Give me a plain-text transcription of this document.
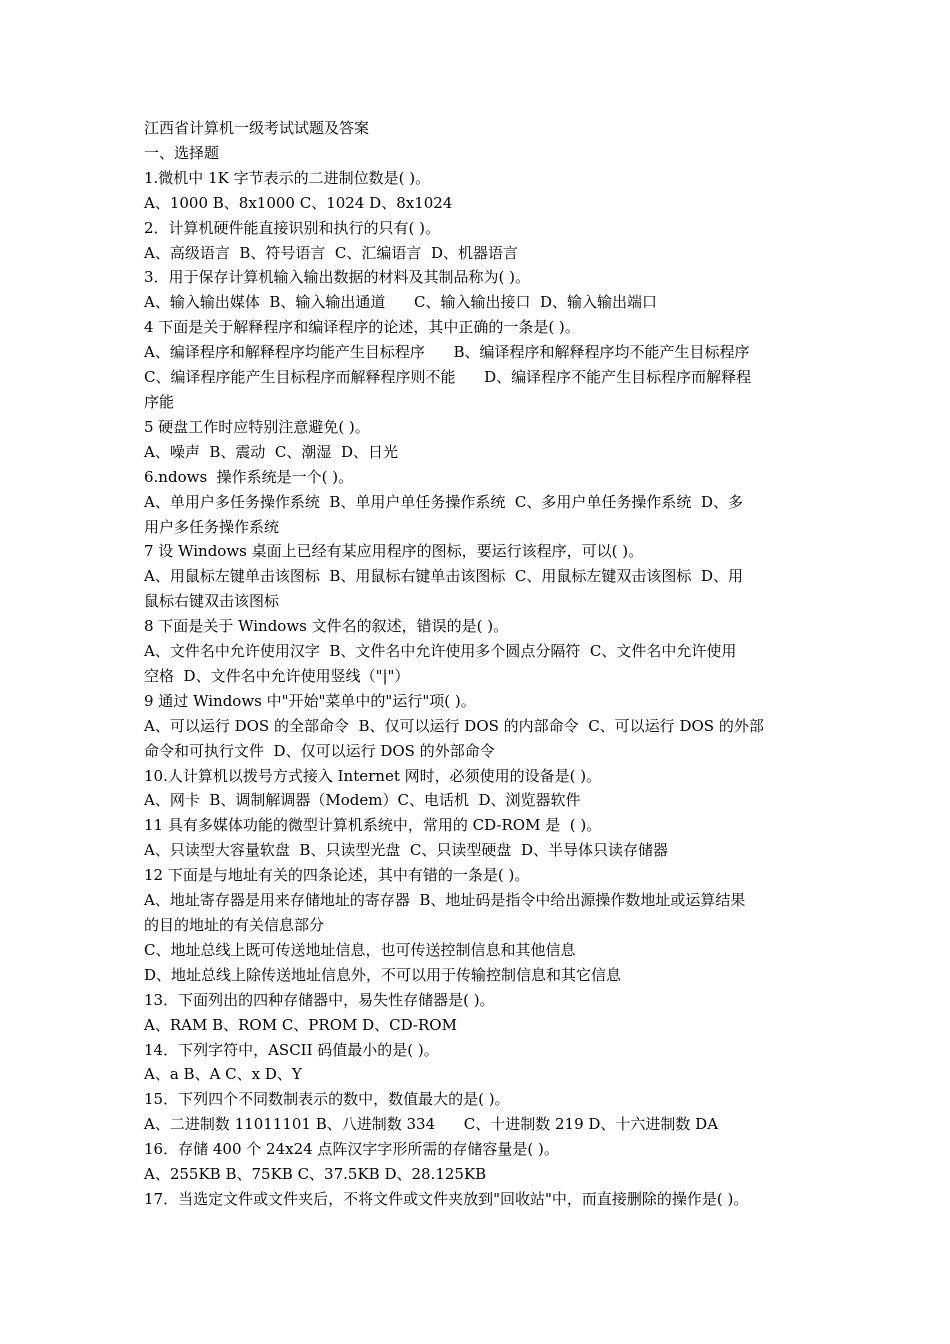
江西省计算机一级考试试题及答案

一、选择题

1.微机中 1K 字节表示的二进制位数是( )。

A、1000 B、8x1000 C、1024 D、8x1024

2．计算机硬件能直接识别和执行的只有( )。

A、高级语言  B、符号语言  C、汇编语言  D、机器语言

3．用于保存计算机输入输出数据的材料及其制品称为( )。

A、输入输出媒体  B、输入输出通道      C、输入输出接口  D、输入输出端口

4 下面是关于解释程序和编译程序的论述，其中正确的一条是( )。

A、编译程序和解释程序均能产生目标程序      B、编译程序和解释程序均不能产生目标程序

C、编译程序能产生目标程序而解释程序则不能      D、编译程序不能产生目标程序而解释程

序能

5 硬盘工作时应特别注意避免( )。

A、噪声  B、震动  C、潮湿  D、日光

6.ndows  操作系统是一个( )。

A、单用户多任务操作系统  B、单用户单任务操作系统  C、多用户单任务操作系统  D、多

用户多任务操作系统

7 设 Windows 桌面上已经有某应用程序的图标，要运行该程序，可以( )。

A、用鼠标左键单击该图标  B、用鼠标右键单击该图标  C、用鼠标左键双击该图标  D、用

鼠标右键双击该图标

8 下面是关于 Windows 文件名的叙述，错误的是( )。

A、文件名中允许使用汉字  B、文件名中允许使用多个圆点分隔符  C、文件名中允许使用

空格  D、文件名中允许使用竖线（"|"）

9 通过 Windows 中"开始"菜单中的"运行"项( )。

A、可以运行 DOS 的全部命令  B、仅可以运行 DOS 的内部命令  C、可以运行 DOS 的外部

命令和可执行文件  D、仅可以运行 DOS 的外部命令

10.人计算机以拨号方式接入 Internet 网时，必须使用的设备是( )。

A、网卡  B、调制解调器（Modem）C、电话机  D、浏览器软件

11 具有多媒体功能的微型计算机系统中，常用的 CD-ROM 是  ( )。

A、只读型大容量软盘  B、只读型光盘  C、只读型硬盘  D、半导体只读存储器

12 下面是与地址有关的四条论述，其中有错的一条是( )。

A、地址寄存器是用来存储地址的寄存器  B、地址码是指令中给出源操作数地址或运算结果

的目的地址的有关信息部分

C、地址总线上既可传送地址信息，也可传送控制信息和其他信息

D、地址总线上除传送地址信息外，不可以用于传输控制信息和其它信息

13．下面列出的四种存储器中，易失性存储器是( )。

A、RAM B、ROM C、PROM D、CD-ROM

14．下列字符中，ASCII 码值最小的是( )。

A、a B、A C、x D、Y

15．下列四个不同数制表示的数中，数值最大的是( )。

A、二进制数 11011101 B、八进制数 334      C、十进制数 219 D、十六进制数 DA

16．存储 400 个 24x24 点阵汉字字形所需的存储容量是( )。

A、255KB B、75KB C、37.5KB D、28.125KB

17．当选定文件或文件夹后，不将文件或文件夹放到"回收站"中，而直接删除的操作是( )。
